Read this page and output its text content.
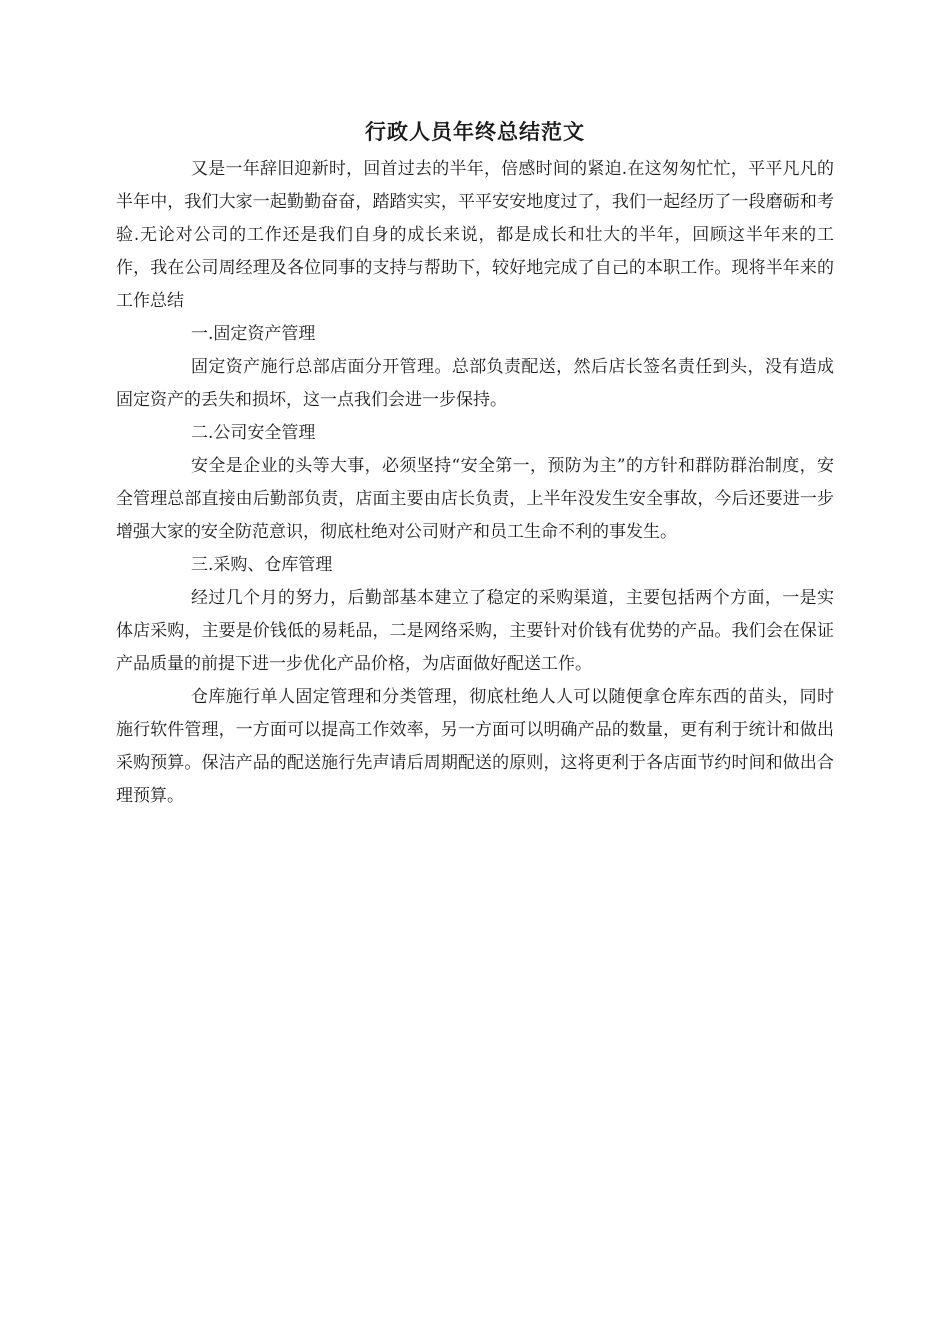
行政人员年终总结范文

又是一年辞旧迎新时，回首过去的半年，倍感时间的紧迫.在这匆匆忙忙，平平凡凡的半年中，我们大家一起勤勤奋奋，踏踏实实，平平安安地度过了，我们一起经历了一段磨砺和考验.无论对公司的工作还是我们自身的成长来说，都是成长和壮大的半年，回顾这半年来的工作，我在公司周经理及各位同事的支持与帮助下，较好地完成了自己的本职工作。现将半年来的工作总结

一.固定资产管理

固定资产施行总部店面分开管理。总部负责配送，然后店长签名责任到头，没有造成固定资产的丢失和损坏，这一点我们会进一步保持。

二.公司安全管理

安全是企业的头等大事，必须坚持“安全第一，预防为主”的方针和群防群治制度，安全管理总部直接由后勤部负责，店面主要由店长负责，上半年没发生安全事故，今后还要进一步增强大家的安全防范意识，彻底杜绝对公司财产和员工生命不利的事发生。

三.采购、仓库管理

经过几个月的努力，后勤部基本建立了稳定的采购渠道，主要包括两个方面，一是实体店采购，主要是价钱低的易耗品，二是网络采购，主要针对价钱有优势的产品。我们会在保证产品质量的前提下进一步优化产品价格，为店面做好配送工作。

仓库施行单人固定管理和分类管理，彻底杜绝人人可以随便拿仓库东西的苗头，同时施行软件管理，一方面可以提高工作效率，另一方面可以明确产品的数量，更有利于统计和做出采购预算。保洁产品的配送施行先声请后周期配送的原则，这将更利于各店面节约时间和做出合理预算。
